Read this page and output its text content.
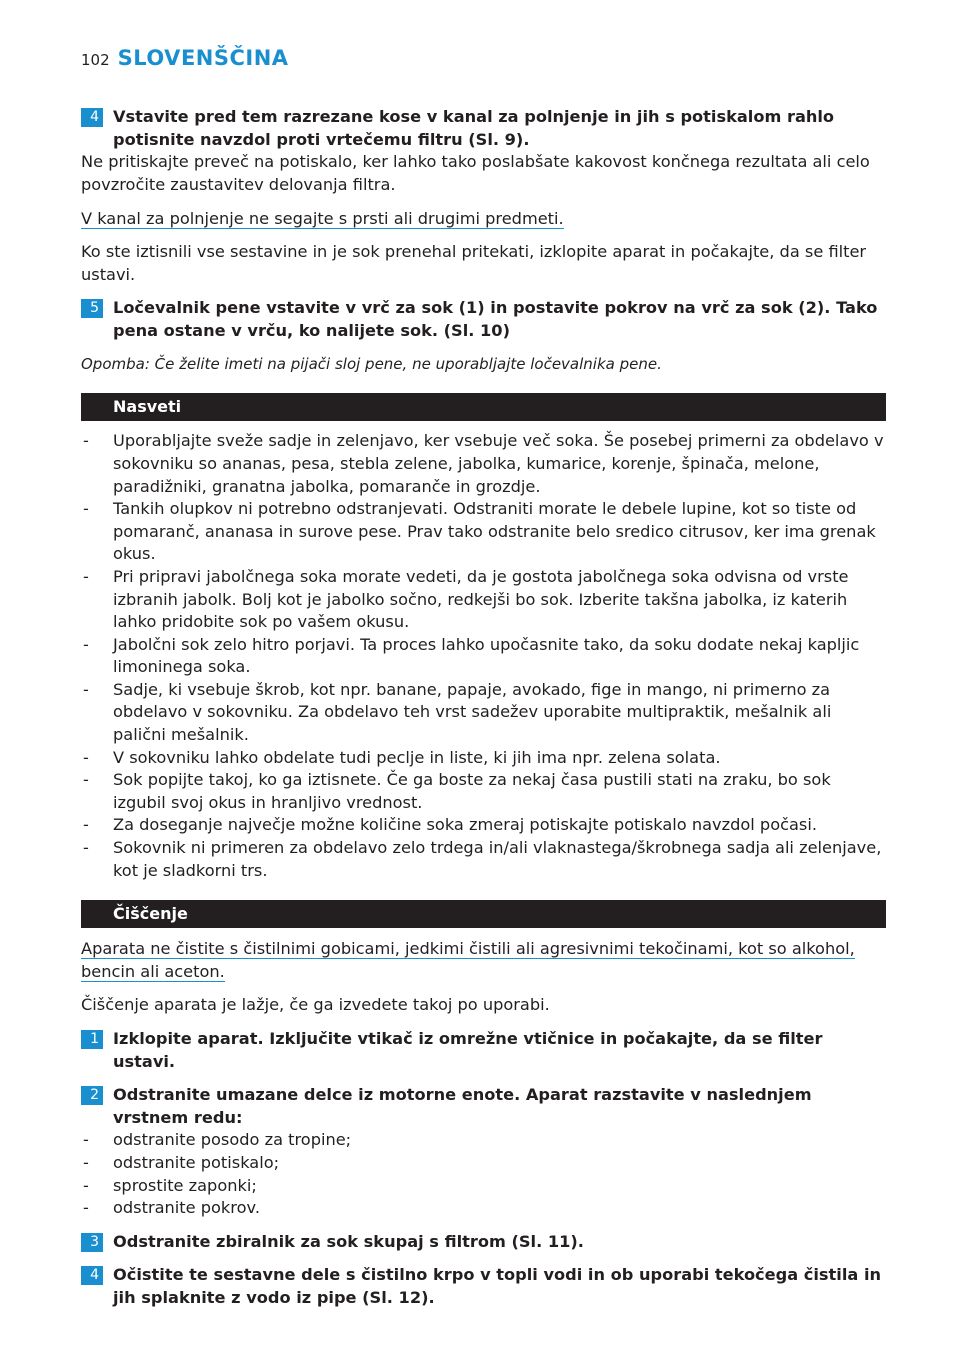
102 SLOVENŠČINA
4 Vstavite pred tem razrezane kose v kanal za polnjenje in jih s potiskalom rahlo potisnite navzdol proti vrtečemu filtru (Sl. 9).

Ne pritiskajte preveč na potiskalo, ker lahko tako poslabšate kakovost končnega rezultata ali celo povzročite zaustavitev delovanja filtra.

V kanal za polnjenje ne segajte s prsti ali drugimi predmeti.

Ko ste iztisnili vse sestavine in je sok prenehal pritekati, izklopite aparat in počakajte, da se filter ustavi.

5 Ločevalnik pene vstavite v vrč za sok (1) in postavite pokrov na vrč za sok (2). Tako pena ostane v vrču, ko nalijete sok. (Sl. 10)

Opomba: Če želite imeti na pijači sloj pene, ne uporabljajte ločevalnika pene.

Nasveti
- Uporabljajte sveže sadje in zelenjavo, ker vsebuje več soka. Še posebej primerni za obdelavo v sokovniku so ananas, pesa, stebla zelene, jabolka, kumarice, korenje, špinača, melone, paradižniki, granatna jabolka, pomaranče in grozdje.
- Tankih olupkov ni potrebno odstranjevati. Odstraniti morate le debele lupine, kot so tiste od pomaranč, ananasa in surove pese. Prav tako odstranite belo sredico citrusov, ker ima grenak okus.
- Pri pripravi jabolčnega soka morate vedeti, da je gostota jabolčnega soka odvisna od vrste izbranih jabolk. Bolj kot je jabolko sočno, redkejši bo sok. Izberite takšna jabolka, iz katerih lahko pridobite sok po vašem okusu.
- Jabolčni sok zelo hitro porjavi. Ta proces lahko upočasnite tako, da soku dodate nekaj kapljic limoninega soka.
- Sadje, ki vsebuje škrob, kot npr. banane, papaje, avokado, fige in mango, ni primerno za obdelavo v sokovniku. Za obdelavo teh vrst sadežev uporabite multipraktik, mešalnik ali palični mešalnik.
- V sokovniku lahko obdelate tudi peclje in liste, ki jih ima npr. zelena solata.
- Sok popijte takoj, ko ga iztisnete. Če ga boste za nekaj časa pustili stati na zraku, bo sok izgubil svoj okus in hranljivo vrednost.
- Za doseganje največje možne količine soka zmeraj potiskajte potiskalo navzdol počasi.
- Sokovnik ni primeren za obdelavo zelo trdega in/ali vlaknastega/škrobnega sadja ali zelenjave, kot je sladkorni trs.
Čiščenje

Aparata ne čistite s čistilnimi gobicami, jedkimi čistili ali agresivnimi tekočinami, kot so alkohol, bencin ali aceton.

Čiščenje aparata je lažje, če ga izvedete takoj po uporabi.

1 Izklopite aparat. Izključite vtikač iz omrežne vtičnice in počakajte, da se filter ustavi.
2 Odstranite umazane delce iz motorne enote. Aparat razstavite v naslednjem vrstnem redu:
- odstranite posodo za tropine;
- odstranite potiskalo;
- sprostite zaponki;
- odstranite pokrov.
3 Odstranite zbiralnik za sok skupaj s filtrom (Sl. 11).
4 Očistite te sestavne dele s čistilno krpo v topli vodi in ob uporabi tekočega čistila in jih splaknite z vodo iz pipe (Sl. 12).
